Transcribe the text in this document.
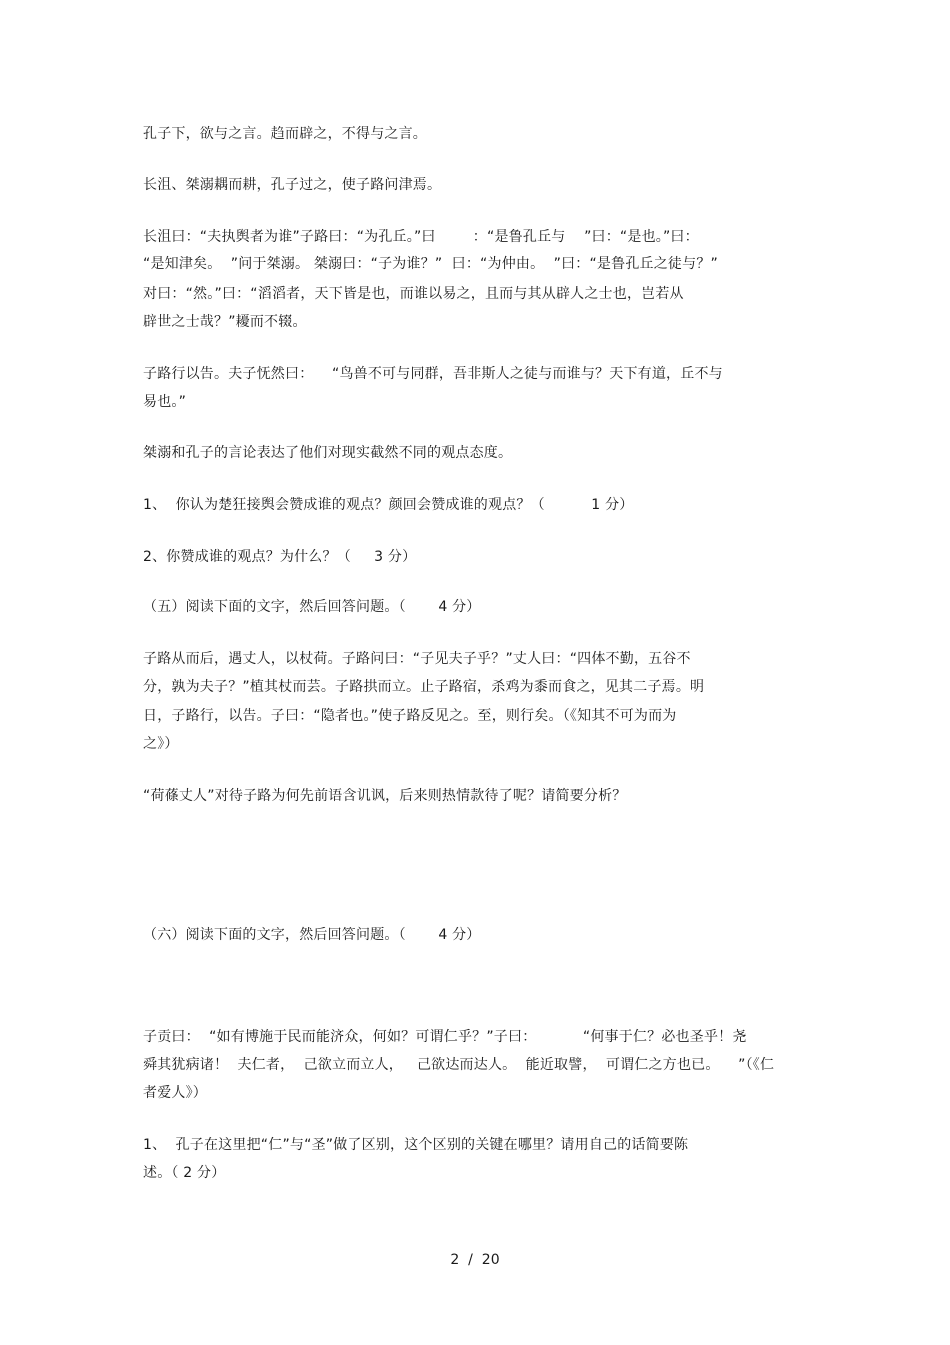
孔子下，欲与之言。趋而辟之，不得与之言。
长沮、桀溺耦而耕，孔子过之，使子路问津焉。
长沮曰：“夫执舆者为谁”子路曰：“为孔丘。”曰        ：“是鲁孔丘与    ”曰：“是也。”曰：
“是知津矣。  ”问于桀溺。 桀溺曰：“子为谁？”  曰：“为仲由。  ”曰：“是鲁孔丘之徒与？”
对曰：“然。”曰：“滔滔者，天下皆是也，而谁以易之，且而与其从辟人之士也，岂若从
辟世之士哉？”耰而不辍。
子路行以告。夫子怃然曰：    “鸟兽不可与同群，吾非斯人之徒与而谁与？天下有道，丘不与
易也。”
桀溺和孔子的言论表达了他们对现实截然不同的观点态度。
1、  你认为楚狂接舆会赞成谁的观点？颜回会赞成谁的观点？（          1 分）
2、你赞成谁的观点？为什么？（     3 分）
（五）阅读下面的文字，然后回答问题。（       4 分）
子路从而后，遇丈人，以杖荷。子路问曰：“子见夫子乎？”丈人曰：“四体不勤，五谷不
分，孰为夫子？”植其杖而芸。子路拱而立。止子路宿，杀鸡为黍而食之，见其二子焉。明
日，子路行，以告。子曰：“隐者也。”使子路反见之。至，则行矣。（《知其不可为而为
之》）
“荷蓧丈人”对待子路为何先前语含讥讽，后来则热情款待了呢？请简要分析？
（六）阅读下面的文字，然后回答问题。（       4 分）
子贡曰：  “如有博施于民而能济众，何如？可谓仁乎？”子曰：          “何事于仁？必也圣乎！尧
舜其犹病诸！  夫仁者，  己欲立而立人，   己欲达而达人。  能近取譬，  可谓仁之方也已。    ”（《仁
者爱人》）
1、  孔子在这里把“仁”与“圣”做了区别，这个区别的关键在哪里？请用自己的话简要陈
述。（ 2 分）
2  /  20
